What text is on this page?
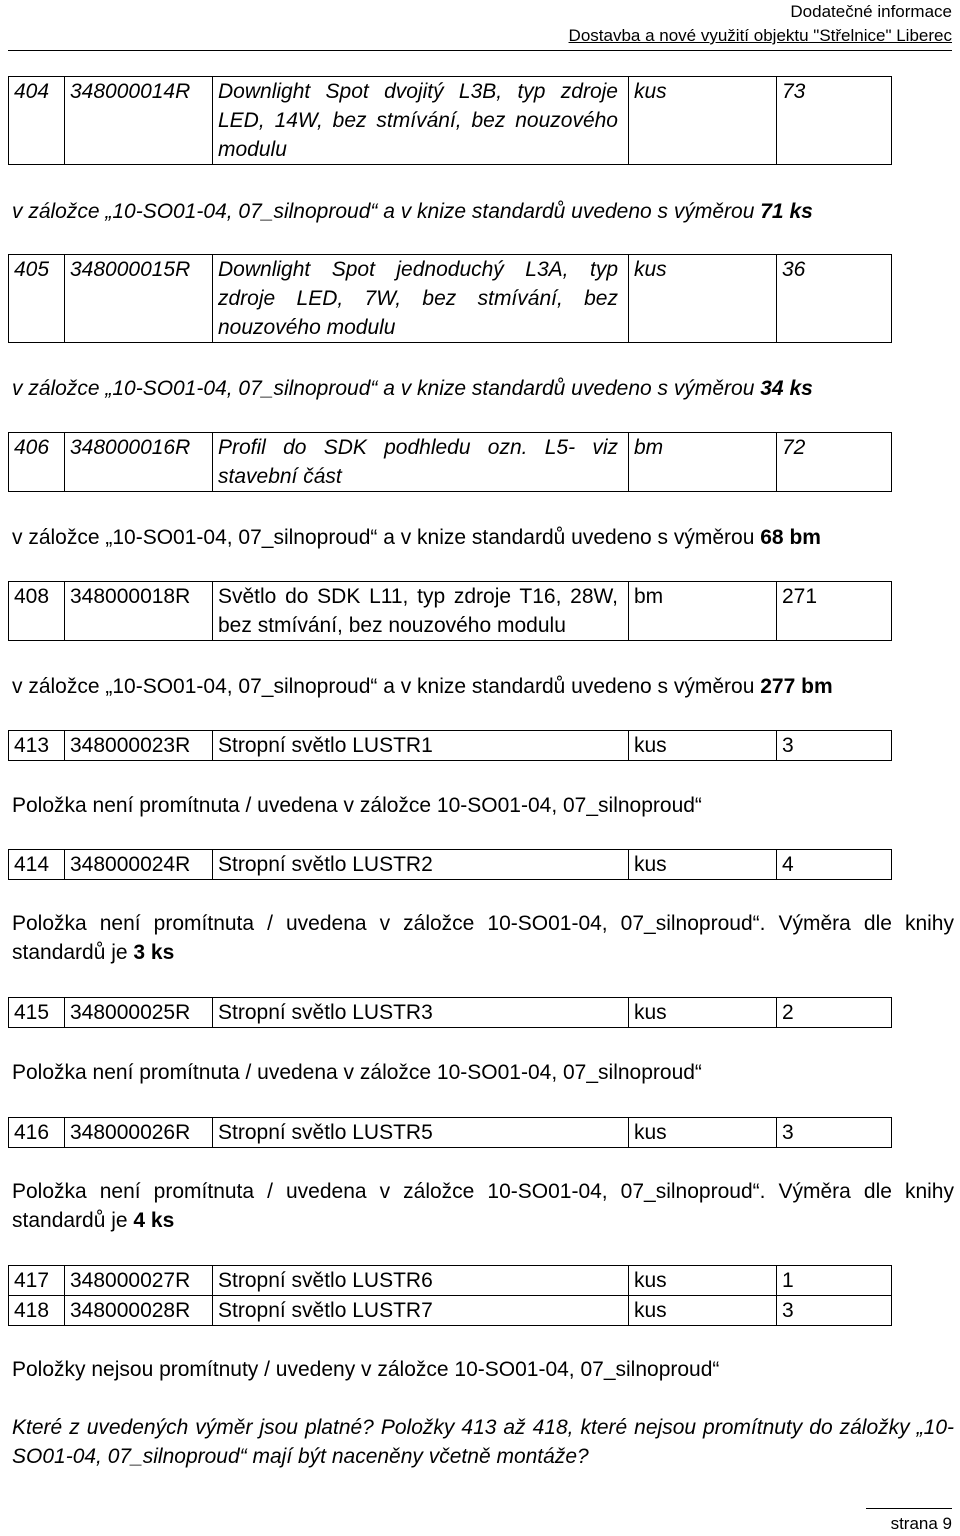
Dodatečné informace
Dostavba a nové využití objektu "Střelnice" Liberec
404	348000014R	Downlight Spot dvojitý L3B, typ zdroje LED, 14W, bez stmívání, bez nouzového modulu	kus	73
v záložce „10-SO01-04, 07_silnoproud“ a v knize standardů uvedeno s výměrou 71 ks
405	348000015R	Downlight Spot jednoduchý L3A, typ zdroje LED, 7W, bez stmívání, bez nouzového modulu	kus	36
v záložce „10-SO01-04, 07_silnoproud“ a v knize standardů uvedeno s výměrou 34 ks
406	348000016R	Profil do SDK podhledu ozn. L5- viz stavební část	bm	72
v záložce „10-SO01-04, 07_silnoproud“ a v knize standardů uvedeno s výměrou 68 bm
408	348000018R	Světlo do SDK L11, typ zdroje T16, 28W, bez stmívání, bez nouzového modulu	bm	271
v záložce „10-SO01-04, 07_silnoproud“ a v knize standardů uvedeno s výměrou 277 bm
413	348000023R	Stropní světlo LUSTR1	kus	3
Položka není promítnuta / uvedena v záložce 10-SO01-04, 07_silnoproud“
414	348000024R	Stropní světlo LUSTR2	kus	4
Položka není promítnuta / uvedena v záložce 10-SO01-04, 07_silnoproud“. Výměra dle knihy standardů je 3 ks
415	348000025R	Stropní světlo LUSTR3	kus	2
Položka není promítnuta / uvedena v záložce 10-SO01-04, 07_silnoproud“
416	348000026R	Stropní světlo LUSTR5	kus	3
Položka není promítnuta / uvedena v záložce 10-SO01-04, 07_silnoproud“. Výměra dle knihy standardů je 4 ks
417	348000027R	Stropní světlo LUSTR6	kus	1
418	348000028R	Stropní světlo LUSTR7	kus	3
Položky nejsou promítnuty / uvedeny v záložce 10-SO01-04, 07_silnoproud“
Které z uvedených výměr jsou platné? Položky 413 až 418, které nejsou promítnuty do záložky „10-SO01-04, 07_silnoproud“ mají být naceněny včetně montáže?
strana 9
